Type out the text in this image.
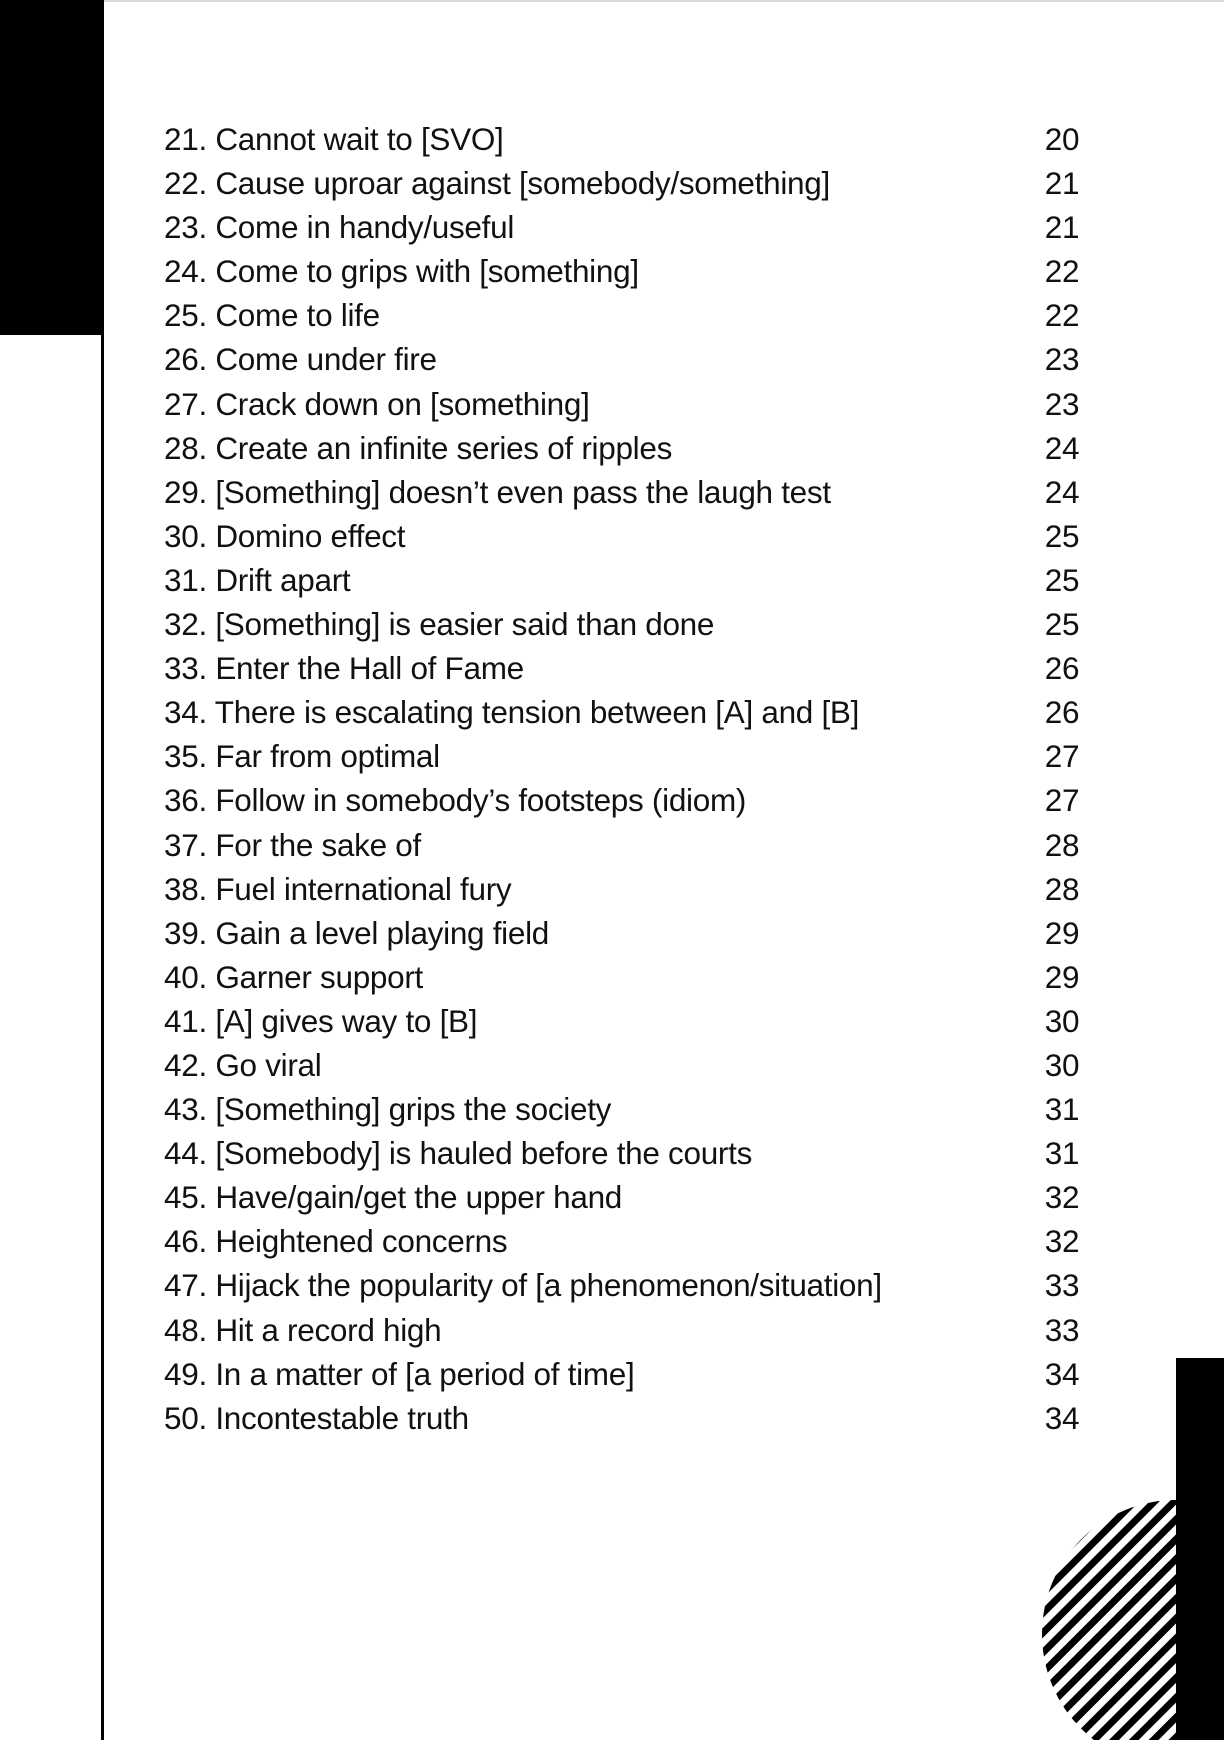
21. Cannot wait to [SVO]	20
22. Cause uproar against [somebody/something]	21
23. Come in handy/useful	21
24. Come to grips with [something]	22
25. Come to life	22
26. Come under fire	23
27. Crack down on [something]	23
28. Create an infinite series of ripples	24
29. [Something] doesn’t even pass the laugh test	24
30. Domino effect	25
31. Drift apart	25
32. [Something] is easier said than done	25
33. Enter the Hall of Fame	26
34. There is escalating tension between [A] and [B]	26
35. Far from optimal	27
36. Follow in somebody’s footsteps (idiom)	27
37. For the sake of	28
38. Fuel international fury	28
39. Gain a level playing field	29
40. Garner support	29
41. [A] gives way to [B]	30
42. Go viral	30
43. [Something] grips the society	31
44. [Somebody] is hauled before the courts	31
45. Have/gain/get the upper hand	32
46. Heightened concerns	32
47. Hijack the popularity of [a phenomenon/situation]	33
48. Hit a record high	33
49. In a matter of [a period of time]	34
50. Incontestable truth	34
